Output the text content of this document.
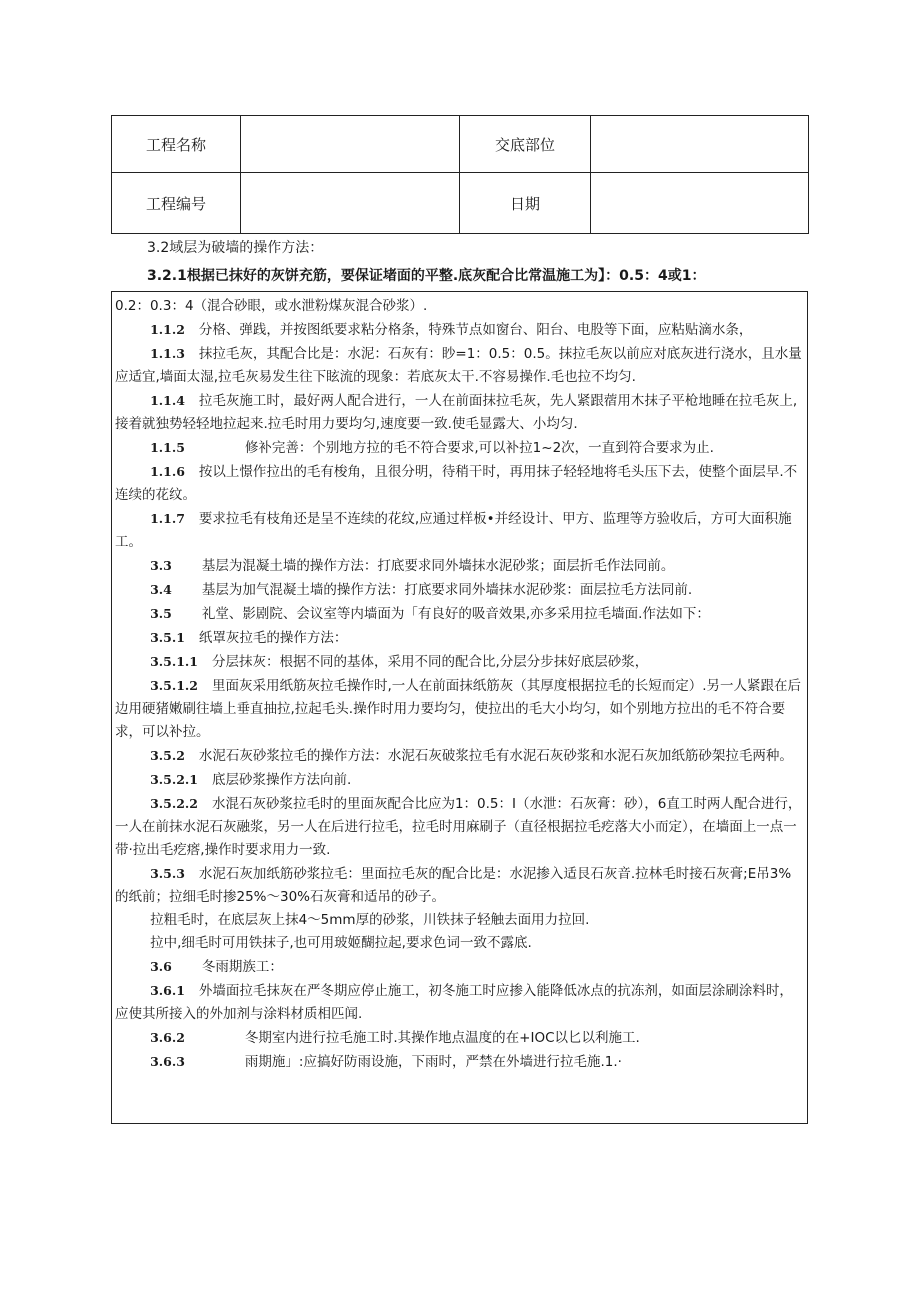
工程名称		交底部位	
工程编号		日期	
3.2域层为破墙的操作方法：
3.2.1根据已抹好的灰饼充筋，要保证堵面的平整.底灰配合比常温施工为】：0.5：4或1：

0.2：0.3：4（混合砂眼，或水泄粉煤灰混合砂浆）.

1.1.2 分格、弹践，并按图纸要求粘分格条，特殊节点如窗台、阳台、电股等下面，应粘贴滴水条，

1.1.3 抹拉毛灰，其配合比是：水泥：石灰有：眇=1：0.5：0.5。抹拉毛灰以前应对底灰进行浇水，且水量应适宜,墙面太湿,拉毛灰易发生往下眩流的现象：若底灰太干.不容易操作.毛也拉不均匀.

1.1.4 拉毛灰施工时，最好两人配合进行，一人在前面抹拉毛灰，先人紧跟蓿用木抹子平枪地睡在拉毛灰上,接着就独势轻轻地拉起来.拉毛时用力要均匀,速度要一致.使毛显露大、小均匀.

1.1.5	修补完善：个别地方拉的毛不符合要求,可以补拉1~2次，一直到符合要求为止.

1.1.6 按以上憬作拉出的毛有梭角，且很分明，待稍干时，再用抹子轻轻地将毛头压下去，使整个面层早.不连续的花纹。

1.1.7 要求拉毛有枝角还是呈不连续的花纹,应通过样板•并经设计、甲方、监理等方验收后，方可大面积施工。

3.3 基层为混凝土墙的操作方法：打底要求同外墙抹水泥砂浆；面层折毛作法同前。

3.4 基层为加气混凝土墙的操作方法：打底要求同外墙抹水泥砂浆：面层拉毛方法同前.

3.5 礼堂、影剧院、会议室等内墙面为「有良好的吸音效果,亦多采用拉毛墙面.作法如下：

3.5.1 纸罩灰拉毛的操作方法：

3.5.1.1 分层抹灰：根据不同的基体，采用不同的配合比,分层分步抹好底层砂浆，

3.5.1.2 里面灰采用纸筋灰拉毛操作时,一人在前面抹纸筋灰（其厚度根据拉毛的长短而定）.另一人紧跟在后边用硬猪嫩刷往墙上垂直抽拉,拉起毛头.操作时用力要均匀，使拉出的毛大小均匀，如个别地方拉出的毛不符合要求，可以补拉。

3.5.2 水泥石灰砂浆拉毛的操作方法：水泥石灰破浆拉毛有水泥石灰砂浆和水泥石灰加纸筋砂架拉毛两种。

3.5.2.1 底层砂浆操作方法向前.

3.5.2.2 水混石灰砂浆拉毛时的里面灰配合比应为1：0.5：I（水泄：石灰膏：砂），6直工时两人配合进行，一人在前抹水泥石灰融浆，另一人在后进行拉毛，拉毛时用麻刷子（直径根据拉毛疙落大小而定），在墙面上一点一带·拉出毛疙瘩,操作时要求用力一致.

3.5.3 水泥石灰加纸筋砂浆拉毛：里面拉毛灰的配合比是：水泥掺入适艮石灰音.拉林毛时接石灰膏;E吊3%的纸前；拉细毛时掺25%～30%石灰膏和适吊的砂子。

拉粗毛时，在底层灰上抹4～5mm厚的砂浆，川铁抹子轻触去面用力拉回.

拉中,细毛时可用铁抹子,也可用玻姬醐拉起,要求色词一致不露底.

3.6 冬雨期族工：

3.6.1 外墙面拉毛抹灰在严冬期应停止施工，初冬施工时应掺入能降低冰点的抗冻剂，如面层涂刷涂料时，应使其所接入的外加剂与涂料材质相匹闻.

3.6.2	冬期室内进行拉毛施工时.其操作地点温度的在+IOC以匕以利施工.

3.6.3	雨期施」:应搞好防雨设施，下雨时，严禁在外墙进行拉毛施.1.·
